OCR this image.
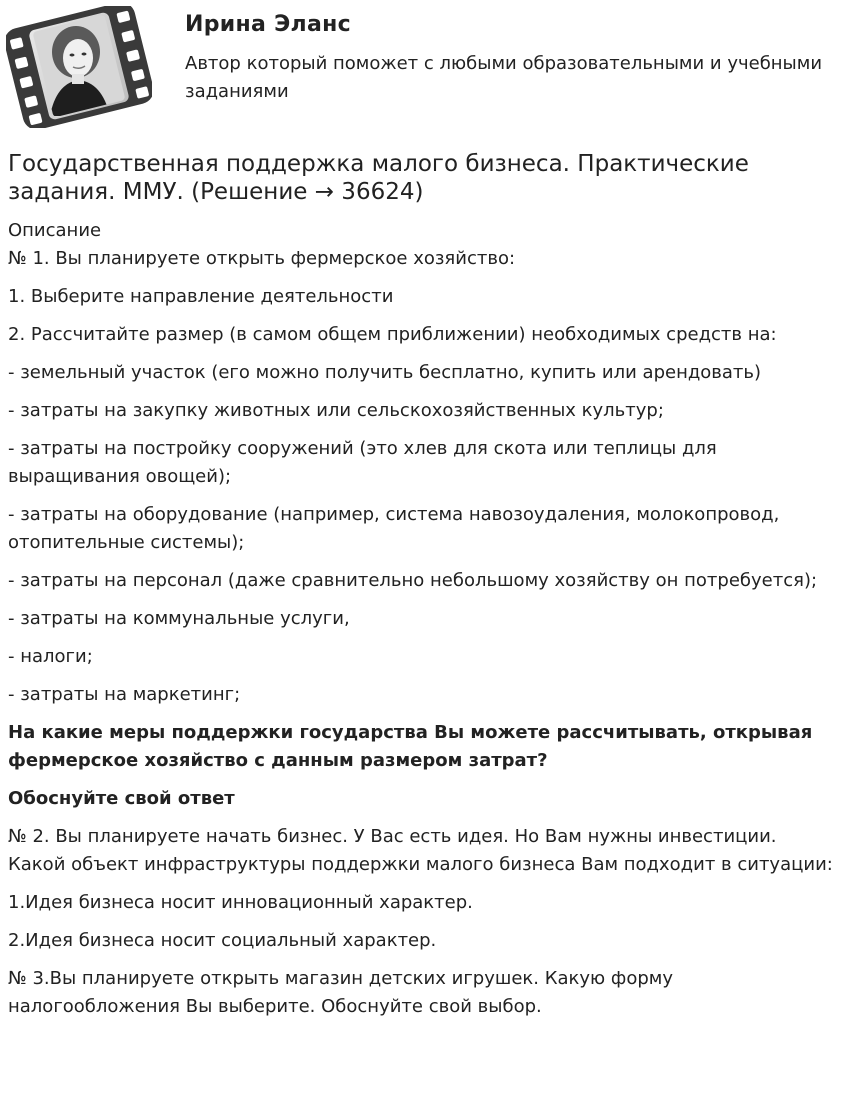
Ирина Эланс
Автор который поможет с любыми образовательными и учебными заданиями
Государственная поддержка малого бизнеса. Практические задания. ММУ. (Решение → 36624)

Описание

№ 1. Вы планируете открыть фермерское хозяйство:

1. Выберите направление деятельности

2. Рассчитайте размер (в самом общем приближении) необходимых средств на:

- земельный участок (его можно получить бесплатно, купить или арендовать)

- затраты на закупку животных или сельскохозяйственных культур;

- затраты на постройку сооружений (это хлев для скота или теплицы для выращивания овощей);

- затраты на оборудование (например, система навозоудаления, молокопровод, отопительные системы);

- затраты на персонал (даже сравнительно небольшому хозяйству он потребуется);

- затраты на коммунальные услуги,

- налоги;

- затраты на маркетинг;

На какие меры поддержки государства Вы можете рассчитывать, открывая фермерское хозяйство с данным размером затрат?

Обоснуйте свой ответ

№ 2. Вы планируете начать бизнес. У Вас есть идея. Но Вам нужны инвестиции. Какой объект инфраструктуры поддержки малого бизнеса Вам подходит в ситуации:

1.Идея бизнеса носит инновационный характер.

2.Идея бизнеса носит социальный характер.

№ 3.Вы планируете открыть магазин детских игрушек. Какую форму налогообложения Вы выберите. Обоснуйте свой выбор.
